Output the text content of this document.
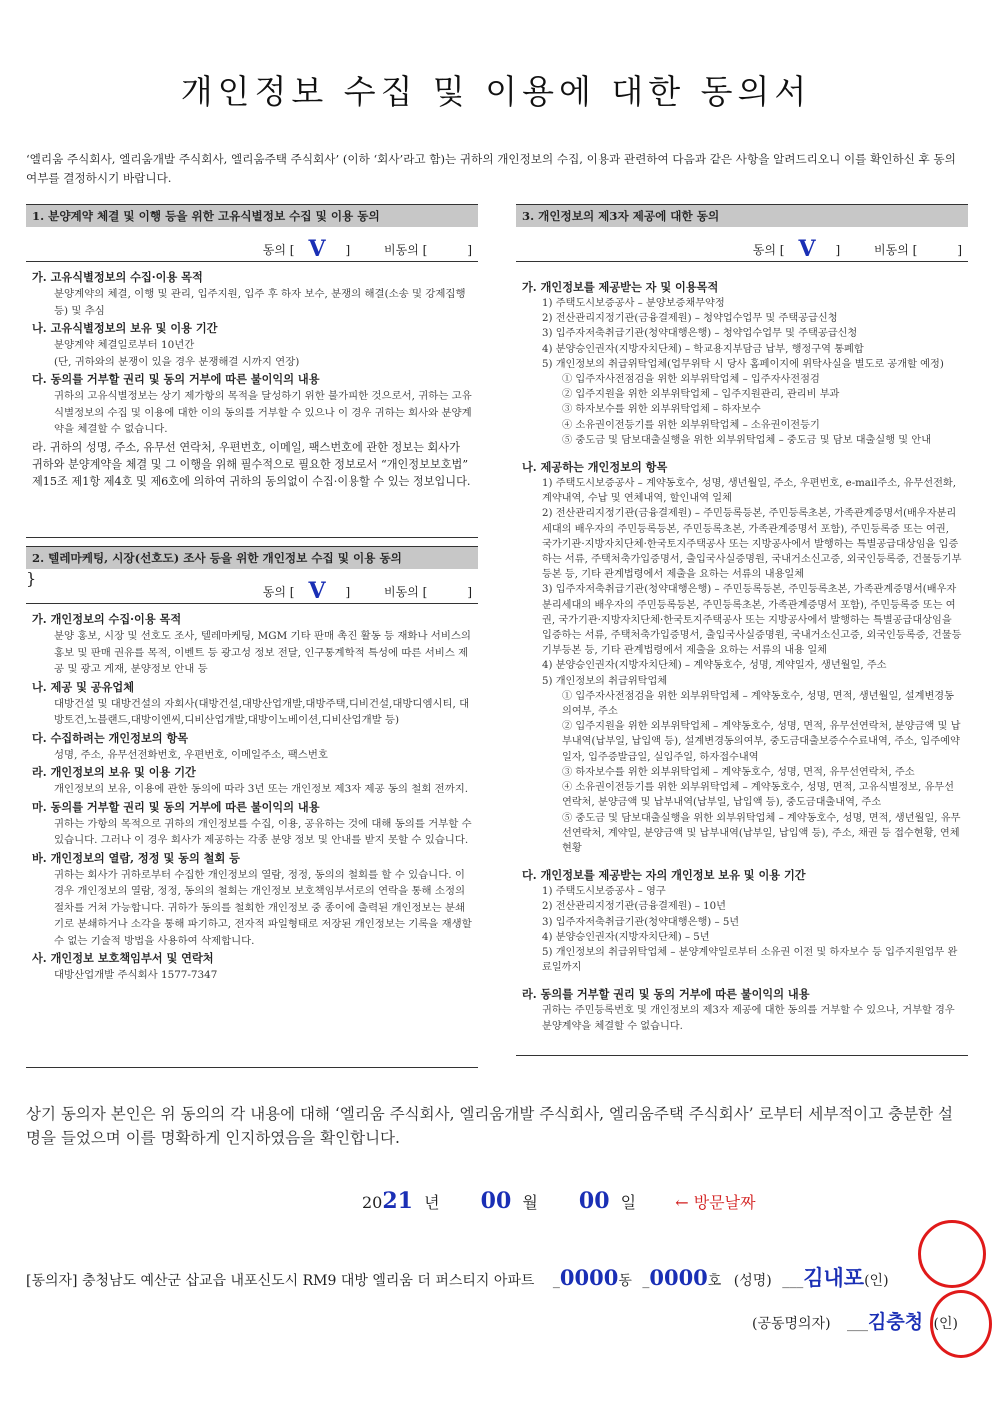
개인정보 수집 및 이용에 대한 동의서
‘엘리움 주식회사, 엘리움개발 주식회사, 엘리움주택 주식회사’ (이하 ‘회사’라고 함)는 귀하의 개인정보의 수집, 이용과 관련하여 다음과 같은 사항을 알려드리오니 이를 확인하신 후 동의 여부를 결정하시기 바랍니다.
1. 분양계약 체결 및 이행 등을 위한 고유식별정보 수집 및 이용 동의
동의 [ V ]	비동의 [	]
가. 고유식별정보의 수집·이용 목적
분양계약의 체결, 이행 및 관리, 입주지원, 입주 후 하자 보수, 분쟁의 해결(소송 및 강제집행 등) 및 추심
나. 고유식별정보의 보유 및 이용 기간
분양계약 체결일로부터 10년간
(단, 귀하와의 분쟁이 있을 경우 분쟁해결 시까지 연장)
다. 동의를 거부할 권리 및 동의 거부에 따른 불이익의 내용
귀하의 고유식별정보는 상기 제가항의 목적을 달성하기 위한 불가피한 것으로서, 귀하는 고유식별정보의 수집 및 이용에 대한 이의 동의를 거부할 수 있으나 이 경우 귀하는 회사와 분양계약을 체결할 수 없습니다.
라. 귀하의 성명, 주소, 유무선 연락처, 우편번호, 이메일, 팩스번호에 관한 정보는 회사가 귀하와 분양계약을 체결 및 그 이행을 위해 필수적으로 필요한 정보로서 “개인정보보호법” 제15조 제1항 제4호 및 제6호에 의하여 귀하의 동의없이 수집·이용할 수 있는 정보입니다.
2. 텔레마케팅, 시장(선호도) 조사 등을 위한 개인정보 수집 및 이용 동의
동의 [ V ]	비동의 [	]
}
가. 개인정보의 수집·이용 목적
분양 홍보, 시장 및 선호도 조사, 텔레마케팅, MGM 기타 판매 촉진 활동 등 재화나 서비스의 홍보 및 판매 권유를 목적, 이벤트 등 광고성 정보 전달, 인구통계학적 특성에 따른 서비스 제공 및 광고 게재, 분양정보 안내 등
나. 제공 및 공유업체
대방건설 및 대방건설의 자회사(대방건설,대방산업개발,대방주택,디비건설,대방디엠시티, 대방토건,노블랜드,대방이엔씨,디비산업개발,대방이노베이션,디비산업개발 등)
다. 수집하려는 개인정보의 항목
성명, 주소, 유무선전화번호, 우편번호, 이메일주소, 팩스번호
라. 개인정보의 보유 및 이용 기간
개인정보의 보유, 이용에 관한 동의에 따라 3년 또는 개인정보 제3자 제공 동의 철회 전까지.
마. 동의를 거부할 권리 및 동의 거부에 따른 불이익의 내용
귀하는 가항의 목적으로 귀하의 개인정보를 수집, 이용, 공유하는 것에 대해 동의를 거부할 수 있습니다. 그러나 이 경우 회사가 제공하는 각종 분양 정보 및 안내를 받지 못할 수 있습니다.
바. 개인정보의 열람, 정정 및 동의 철회 등
귀하는 회사가 귀하로부터 수집한 개인정보의 열람, 정정, 동의의 철회를 할 수 있습니다. 이 경우 개인정보의 열람, 정정, 동의의 철회는 개인정보 보호책임부서로의 연락을 통해 소정의 절차를 거쳐 가능합니다. 귀하가 동의를 철회한 개인정보 중 종이에 출력된 개인정보는 분쇄기로 분쇄하거나 소각을 통해 파기하고, 전자적 파일형태로 저장된 개인정보는 기록을 재생할 수 없는 기술적 방법을 사용하여 삭제합니다.
사. 개인정보 보호책임부서 및 연락처
대방산업개발 주식회사 1577-7347
3. 개인정보의 제3자 제공에 대한 동의
동의 [ V ]	비동의 [	]
가. 개인정보를 제공받는 자 및 이용목적
1) 주택도시보증공사 – 분양보증채무약정
2) 전산관리지정기관(금융결제원) – 청약업수업무 및 주택공급신청
3) 입주자저축취급기관(청약대행은행) – 청약업수업무 및 주택공급신청
4) 분양승인권자(지방자치단체) – 학교용지부담금 납부, 행정구역 통폐합
5) 개인정보의 취급위탁업체(업무위탁 시 당사 홈페이지에 위탁사실을 별도로 공개할 예정)
① 입주자사전점검을 위한 외부위탁업체 – 입주자사전점검
② 입주지원을 위한 외부위탁업체 – 입주지원관리, 관리비 부과
③ 하자보수를 위한 외부위탁업체 – 하자보수
④ 소유권이전등기를 위한 외부위탁업체 – 소유권이전등기
⑤ 중도금 및 담보대출실행을 위한 외부위탁업체 – 중도금 및 담보 대출실행 및 안내
나. 제공하는 개인정보의 항목
1) 주택도시보증공사 – 계약동호수, 성명, 생년월일, 주소, 우편번호, e-mail주소, 유무선전화, 계약내역, 수납 및 연체내역, 할인내역 일체
2) 전산관리지정기관(금융결제원) – 주민등록등본, 주민등록초본, 가족관계증명서(배우자분리세대의 배우자의 주민등록등본, 주민등록초본, 가족관계증명서 포함), 주민등록증 또는 여권, 국가기관·지방자치단체·한국토지주택공사 또는 지방공사에서 발행하는 특별공급대상임을 입증하는 서류, 주택처축가입증명서, 출입국사실증명원, 국내거소신고증, 외국인등록증, 건물등기부등본 등, 기타 관계법령에서 제출을 요하는 서류의 내용일체
3) 입주자저축취급기관(청약대행은행) – 주민등록등본, 주민등록초본, 가족관계증명서(배우자분리세대의 배우자의 주민등록등본, 주민등록초본, 가족관계증명서 포함), 주민등록증 또는 여권, 국가기관·지방자치단체·한국토지주택공사 또는 지방공사에서 발행하는 특별공급대상임을 입증하는 서류, 주택처축가입증명서, 출입국사실증명원, 국내거소신고증, 외국인등록증, 건물등기부등본 등, 기타 관계법령에서 제출을 요하는 서류의 내용 일체
4) 분양승인권자(지방자치단체) – 계약동호수, 성명, 계약일자, 생년월일, 주소
5) 개인정보의 취급위탁업체
① 입주자사전점검을 위한 외부위탁업체 – 계약동호수, 성명, 면적, 생년월일, 설계변경동의여부, 주소
② 입주지원을 위한 외부위탁업체 – 계약동호수, 성명, 면적, 유무선연락처, 분양금액 및 납부내역(납부일, 납입액 등), 설계변경동의여부, 중도금대출보증수수료내역, 주소, 입주예약일자, 입주증발급일, 실입주일, 하자접수내역
③ 하자보수를 위한 외부위탁업체 – 계약동호수, 성명, 면적, 유무선연락처, 주소
④ 소유권이전등기를 위한 외부위탁업체 – 계약동호수, 성명, 면적, 고유식별정보, 유무선연락처, 분양금액 및 납부내역(납부일, 납입액 등), 중도금대출내역, 주소
⑤ 중도금 및 담보대출실행을 위한 외부위탁업체 – 계약동호수, 성명, 면적, 생년월일, 유무선연락처, 계약일, 분양금액 및 납부내역(납부일, 납입액 등), 주소, 채권 등 접수현황, 연체현황
다. 개인정보를 제공받는 자의 개인정보 보유 및 이용 기간
1) 주택도시보증공사 – 영구
2) 전산관리지정기관(금융결제원) – 10년
3) 입주자저축취급기관(청약대행은행) – 5년
4) 분양승인권자(지방자치단체) – 5년
5) 개인정보의 취급위탁업체 – 분양계약일로부터 소유권 이전 및 하자보수 등 입주지원업무 완료일까지
라. 동의를 거부할 권리 및 동의 거부에 따른 불이익의 내용
귀하는 주민등록번호 및 개인정보의 제3자 제공에 대한 동의를 거부할 수 있으나, 거부할 경우 분양계약을 체결할 수 없습니다.
상기 동의자 본인은 위 동의의 각 내용에 대해 ‘엘리움 주식회사, 엘리움개발 주식회사, 엘리움주택 주식회사’ 로부터 세부적이고 충분한 설명을 들었으며 이를 명확하게 인지하였음을 확인합니다.
2021 년 00 월 00 일 ← 방문날짜
[동의자] 충청남도 예산군 삽교읍 내포신도시 RM9 대방 엘리움 더 퍼스티지 아파트 _0000동 _0000호 (성명) ___김내포(인)
(공동명의자) ___김충청 (인)
